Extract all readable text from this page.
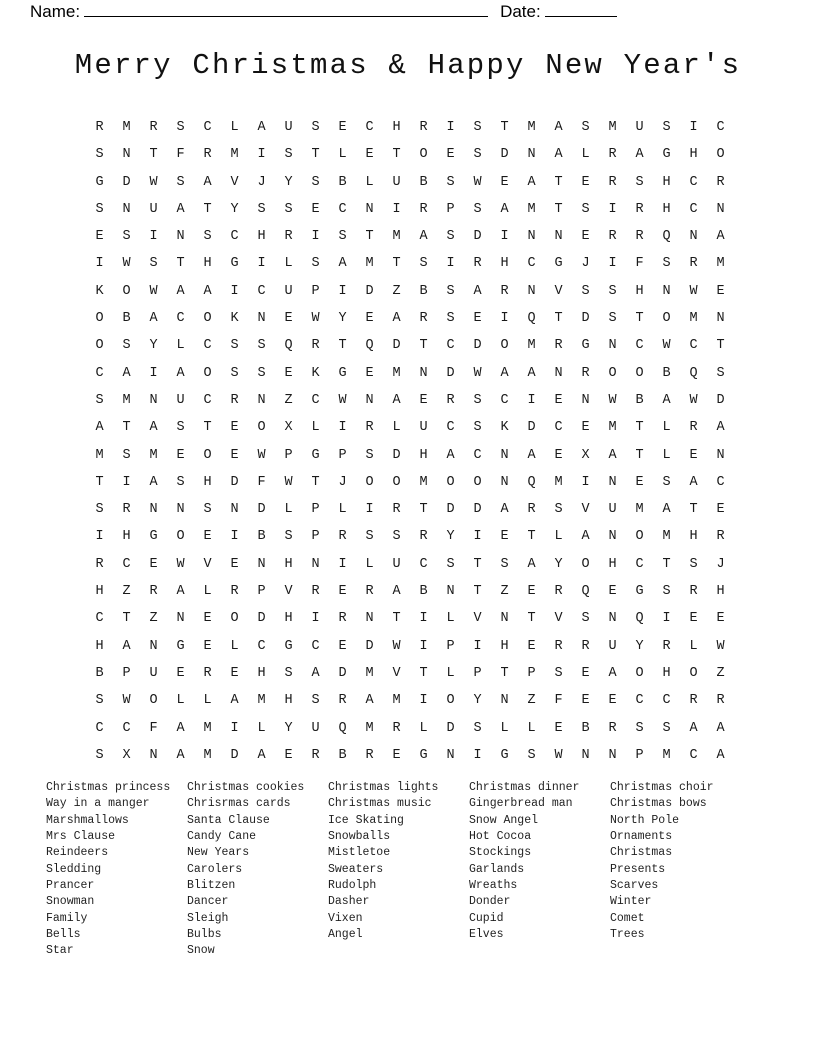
Name:	Date:
Merry Christmas & Happy New Year's
R	M	R	S	C	L	A	U	S	E	C	H	R	I	S	T	M	A	S	M	U	S	I	C
S	N	T	F	R	M	I	S	T	L	E	T	O	E	S	D	N	A	L	R	A	G	H	O
G	D	W	S	A	V	J	Y	S	B	L	U	B	S	W	E	A	T	E	R	S	H	C	R
S	N	U	A	T	Y	S	S	E	C	N	I	R	P	S	A	M	T	S	I	R	H	C	N
E	S	I	N	S	C	H	R	I	S	T	M	A	S	D	I	N	N	E	R	R	Q	N	A
I	W	S	T	H	G	I	L	S	A	M	T	S	I	R	H	C	G	J	I	F	S	R	M
K	O	W	A	A	I	C	U	P	I	D	Z	B	S	A	R	N	V	S	S	H	N	W	E
O	B	A	C	O	K	N	E	W	Y	E	A	R	S	E	I	Q	T	D	S	T	O	M	N
O	S	Y	L	C	S	S	Q	R	T	Q	D	T	C	D	O	M	R	G	N	C	W	C	T
C	A	I	A	O	S	S	E	K	G	E	M	N	D	W	A	A	N	R	O	O	B	Q	S
S	M	N	U	C	R	N	Z	C	W	N	A	E	R	S	C	I	E	N	W	B	A	W	D
A	T	A	S	T	E	O	X	L	I	R	L	U	C	S	K	D	C	E	M	T	L	R	A
M	S	M	E	O	E	W	P	G	P	S	D	H	A	C	N	A	E	X	A	T	L	E	N
T	I	A	S	H	D	F	W	T	J	O	O	M	O	O	N	Q	M	I	N	E	S	A	C
S	R	N	N	S	N	D	L	P	L	I	R	T	D	D	A	R	S	V	U	M	A	T	E
I	H	G	O	E	I	B	S	P	R	S	S	R	Y	I	E	T	L	A	N	O	M	H	R
R	C	E	W	V	E	N	H	N	I	L	U	C	S	T	S	A	Y	O	H	C	T	S	J
H	Z	R	A	L	R	P	V	R	E	R	A	B	N	T	Z	E	R	Q	E	G	S	R	H
C	T	Z	N	E	O	D	H	I	R	N	T	I	L	V	N	T	V	S	N	Q	I	E	E
H	A	N	G	E	L	C	G	C	E	D	W	I	P	I	H	E	R	R	U	Y	R	L	W
B	P	U	E	R	E	H	S	A	D	M	V	T	L	P	T	P	S	E	A	O	H	O	Z
S	W	O	L	L	A	M	H	S	R	A	M	I	O	Y	N	Z	F	E	E	C	C	R	R
C	C	F	A	M	I	L	Y	U	Q	M	R	L	D	S	L	L	E	B	R	S	S	A	A
S	X	N	A	M	D	A	E	R	B	R	E	G	N	I	G	S	W	N	N	P	M	C	A
Christmas princess
Way in a manger
Marshmallows
Mrs Clause
Reindeers
Sledding
Prancer
Snowman
Family
Bells
Star
Christmas cookies
Chrisrmas cards
Santa Clause
Candy Cane
New Years
Carolers
Blitzen
Dancer
Sleigh
Bulbs
Snow
Christmas lights
Christmas music
Ice Skating
Snowballs
Mistletoe
Sweaters
Rudolph
Dasher
Vixen
Angel
Christmas dinner
Gingerbread man
Snow Angel
Hot Cocoa
Stockings
Garlands
Wreaths
Donder
Cupid
Elves
Christmas choir
Christmas bows
North Pole
Ornaments
Christmas
Presents
Scarves
Winter
Comet
Trees
